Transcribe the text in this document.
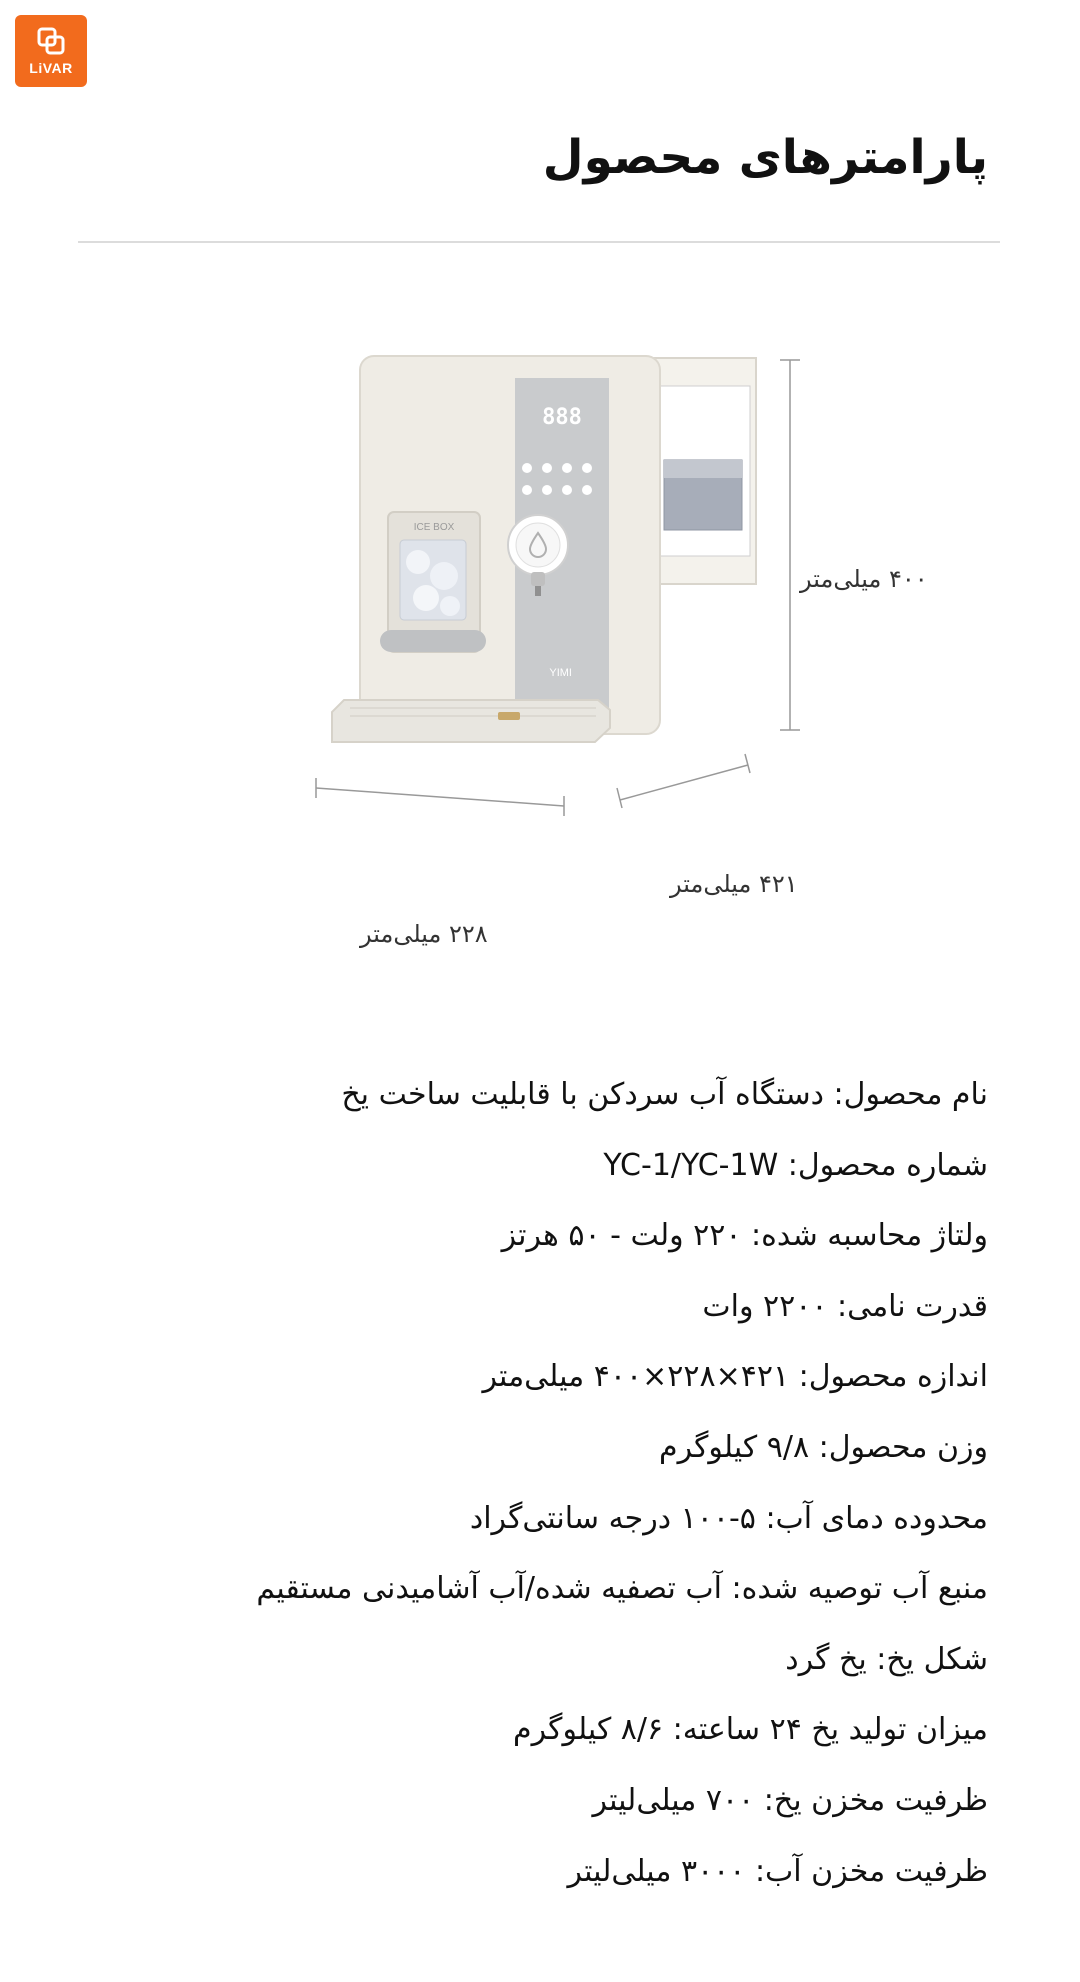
LiVAR
پارامترهای محصول
888
ICE BOX
YIMI
۴۰۰ میلی‌متر
۴۲۱ میلی‌متر
۲۲۸ میلی‌متر
نام محصول: دستگاه آب سردکن با قابلیت ساخت یخ
شماره محصول: YC-1/YC-1W
ولتاژ محاسبه شده: ۲۲۰ ولت - ۵۰ هرتز
قدرت نامی: ۲۲۰۰ وات
اندازه محصول: ۴۲۱×۲۲۸×۴۰۰ میلی‌متر
وزن محصول: ۹/۸ کیلوگرم
محدوده دمای آب: ۵-۱۰۰ درجه سانتی‌گراد
منبع آب توصیه شده: آب تصفیه شده/آب آشامیدنی مستقیم
شکل یخ: یخ گرد
میزان تولید یخ ۲۴ ساعته: ۸/۶ کیلوگرم
ظرفیت مخزن یخ: ۷۰۰ میلی‌لیتر
ظرفیت مخزن آب: ۳۰۰۰ میلی‌لیتر
